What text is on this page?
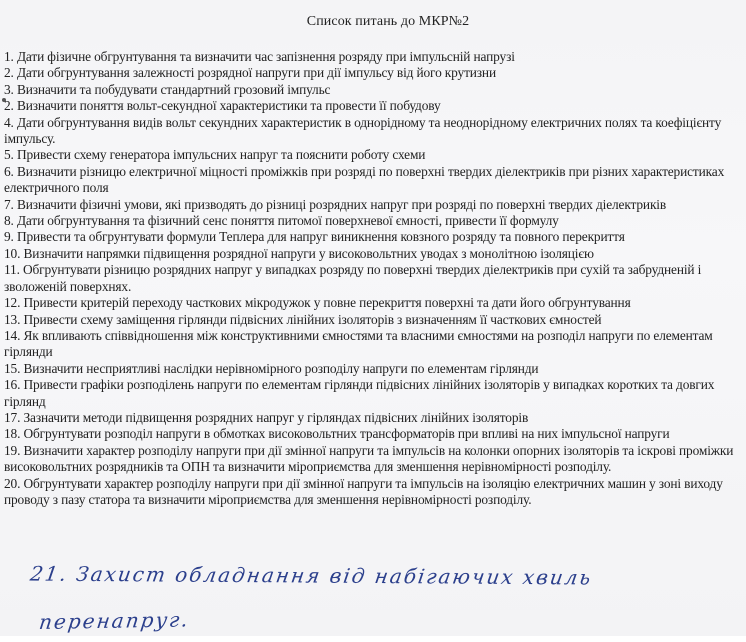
Список питань до МКР№2

1. Дати фізичне обгрунтування та визначити час запізнення розряду при імпульсній напрузі

2. Дати обгрунтування залежності розрядної напруги при дії імпульсу від його крутизни

3. Визначити та побудувати стандартний грозовий імпульс

2. Визначити поняття вольт-секундної характеристики та провести її побудову

4. Дати обгрунтування видів вольт секундних характеристик в однорідному та неоднорідному електричних полях та коефіцієнту імпульсу.

5. Привести схему генератора імпульсних напруг та пояснити роботу схеми

6. Визначити різницю електричної міцності проміжків при розряді по поверхні твердих діелектриків при різних характеристиках електричного поля

7. Визначити фізичні умови, які призводять до різниці розрядних напруг при розряді по поверхні твердих діелектриків

8. Дати обгрунтування та фізичний сенс поняття питомої поверхневої ємності, привести її формулу

9. Привести та обгрунтувати формули Теплера для напруг виникнення ковзного розряду та повного перекриття

10. Визначити напрямки підвищення розрядної напруги у високовольтних уводах з монолітною ізоляцією

11. Обгрунтувати різницю розрядних напруг у випадках розряду по поверхні твердих діелектриків при сухій та забрудненій і зволоженій поверхнях.

12. Привести критерій переходу часткових мікродужок у повне перекриття поверхні та дати його обгрунтування

13. Привести схему заміщення гірлянди підвісних лінійних ізоляторів з визначенням її часткових ємностей

14. Як впливають співвідношення між конструктивними ємностями та власними ємностями на розподіл напруги по елементам гірлянди

15. Визначити несприятливі наслідки нерівномірного розподілу напруги по елементам гірлянди

16. Привести графіки розподілень напруги по елементам гірлянди підвісних лінійних ізоляторів у випадках коротких та довгих гірлянд

17. Зазначити методи підвищення розрядних напруг у гірляндах підвісних лінійних ізоляторів

18. Обгрунтувати розподіл напруги в обмотках високовольтних трансформаторів при впливі на них імпульсної напруги

19. Визначити характер розподілу напруги при дії змінної напруги та імпульсів на колонки опорних ізоляторів та іскрові проміжки високовольтних розрядників та ОПН та визначити міроприємства для зменшення нерівномірності розподілу.

20. Обгрунтувати характер розподілу напруги при дії змінної напруги та імпульсів на ізоляцію електричних машин у зоні виходу проводу з пазу статора та визначити міроприємства для зменшення нерівномірності розподілу.

21. Захист обладнання від набігаючих хвиль
перенапруг.
